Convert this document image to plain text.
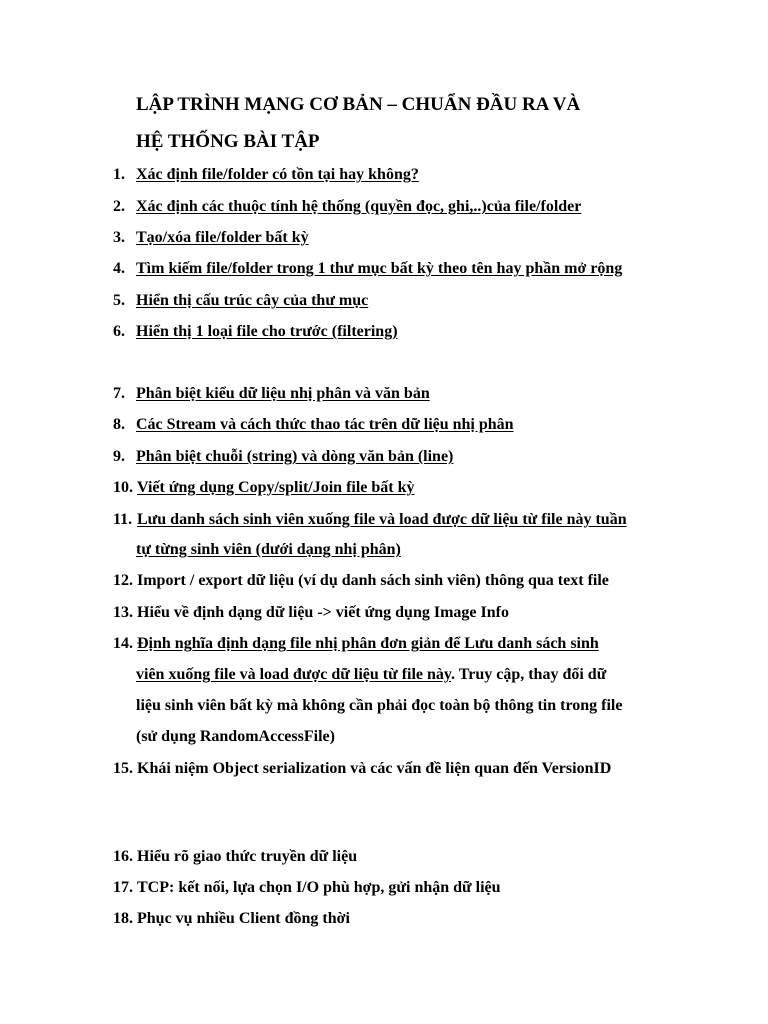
LẬP TRÌNH MẠNG CƠ BẢN – CHUẨN ĐẦU RA VÀ
HỆ THỐNG BÀI TẬP
1. Xác định file/folder có tồn tại hay không?
2. Xác định các thuộc tính hệ thống (quyền đọc, ghi,..)của file/folder
3. Tạo/xóa file/folder bất kỳ
4. Tìm kiếm file/folder trong 1 thư mục bất kỳ theo tên hay phần mở rộng
5. Hiển thị cấu trúc cây của thư mục
6. Hiển thị 1 loại file cho trước (filtering)
7. Phân biệt kiểu dữ liệu nhị phân và văn bản
8. Các Stream và cách thức thao tác trên dữ liệu nhị phân
9. Phân biệt chuỗi (string) và dòng văn bản (line)
10. Viết ứng dụng Copy/split/Join file bất kỳ
11. Lưu danh sách sinh viên xuống file và load được dữ liệu từ file này tuần
tự từng sinh viên (dưới dạng nhị phân)
12. Import / export dữ liệu (ví dụ danh sách sinh viên) thông qua text file
13. Hiểu về định dạng dữ liệu -> viết ứng dụng Image Info
14. Định nghĩa định dạng file nhị phân đơn giản để Lưu danh sách sinh
viên xuống file và load được dữ liệu từ file này. Truy cập, thay đổi dữ
liệu sinh viên bất kỳ mà không cần phải đọc toàn bộ thông tin trong file
(sử dụng RandomAccessFile)
15. Khái niệm Object serialization và các vấn đề liện quan đến VersionID
16. Hiểu rõ giao thức truyền dữ liệu
17. TCP: kết nối, lựa chọn I/O phù hợp, gửi nhận dữ liệu
18. Phục vụ nhiều Client đồng thời
